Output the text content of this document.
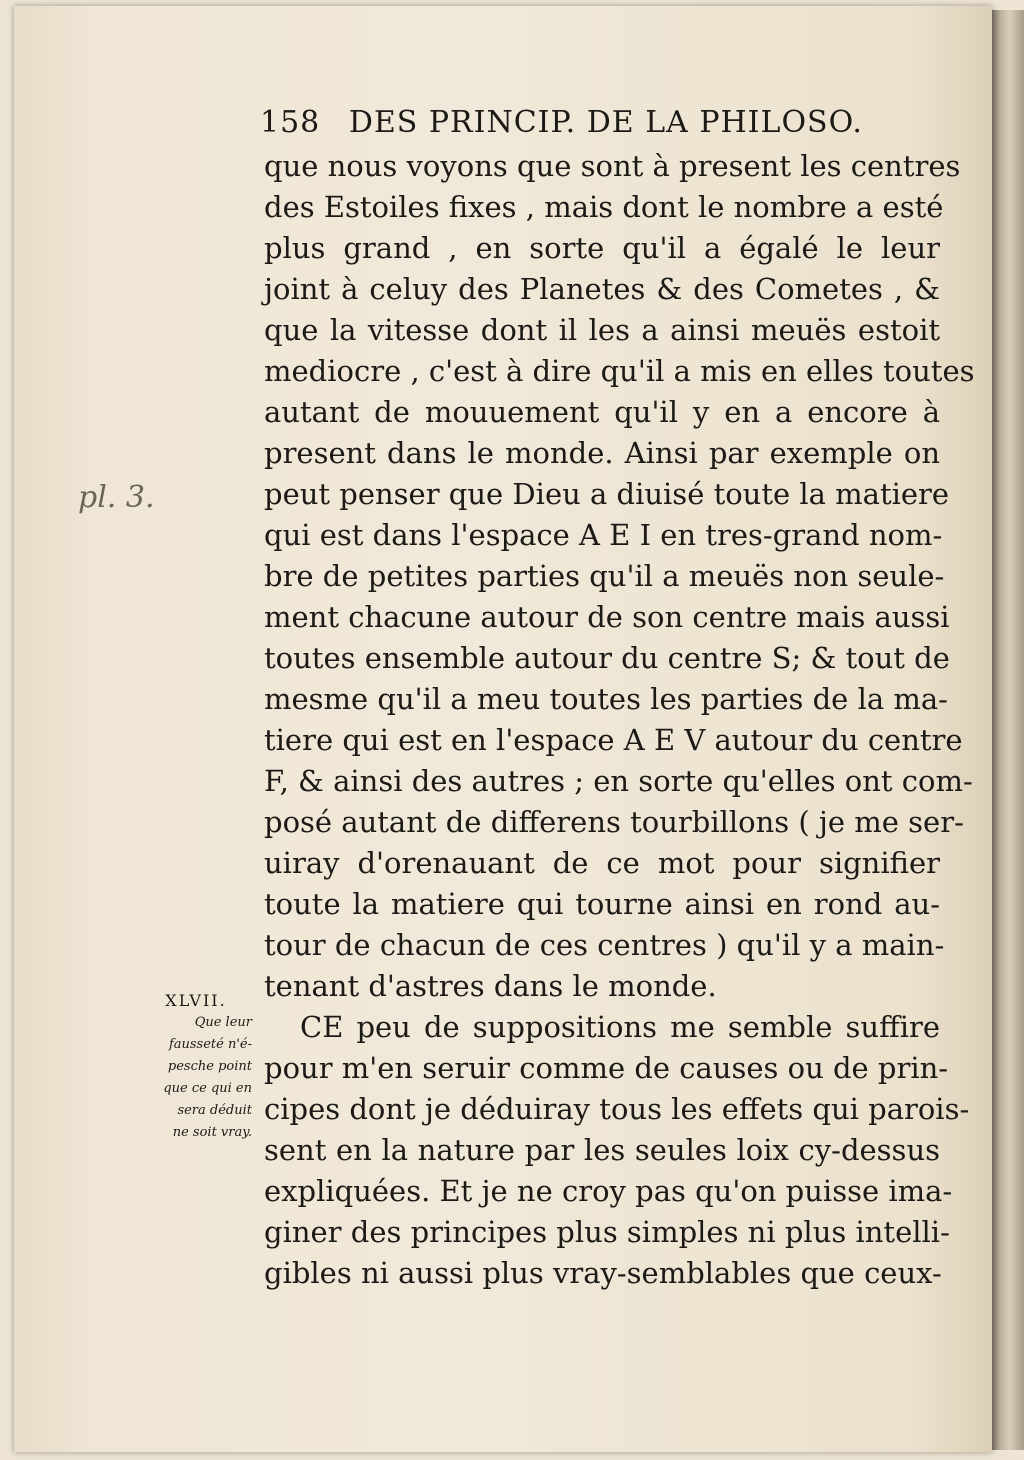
158 DES PRINCIP. DE LA PHILOSO.
pl. 3.
XLVII.
Que leur
fausseté n'é-
pesche point
que ce qui en
sera déduit
ne soit vray.
que nous voyons que sont à present les centres
des Estoiles fixes , mais dont le nombre a esté
plus grand , en sorte qu'il a égalé le leur
joint à celuy des Planetes & des Cometes , &
que la vitesse dont il les a ainsi meuës estoit
mediocre , c'est à dire qu'il a mis en elles toutes
autant de mouuement qu'il y en a encore à
present dans le monde. Ainsi par exemple on
peut penser que Dieu a diuisé toute la matiere
qui est dans l'espace A E I en tres-grand nom-
bre de petites parties qu'il a meuës non seule-
ment chacune autour de son centre mais aussi
toutes ensemble autour du centre S; & tout de
mesme qu'il a meu toutes les parties de la ma-
tiere qui est en l'espace A E V autour du centre
F, & ainsi des autres ; en sorte qu'elles ont com-
posé autant de differens tourbillons ( je me ser-
uiray d'orenauant de ce mot pour signifier
toute la matiere qui tourne ainsi en rond au-
tour de chacun de ces centres ) qu'il y a main-
tenant d'astres dans le monde.
CE peu de suppositions me semble suffire
pour m'en seruir comme de causes ou de prin-
cipes dont je déduiray tous les effets qui parois-
sent en la nature par les seules loix cy-dessus
expliquées. Et je ne croy pas qu'on puisse ima-
giner des principes plus simples ni plus intelli-
gibles ni aussi plus vray-semblables que ceux-
